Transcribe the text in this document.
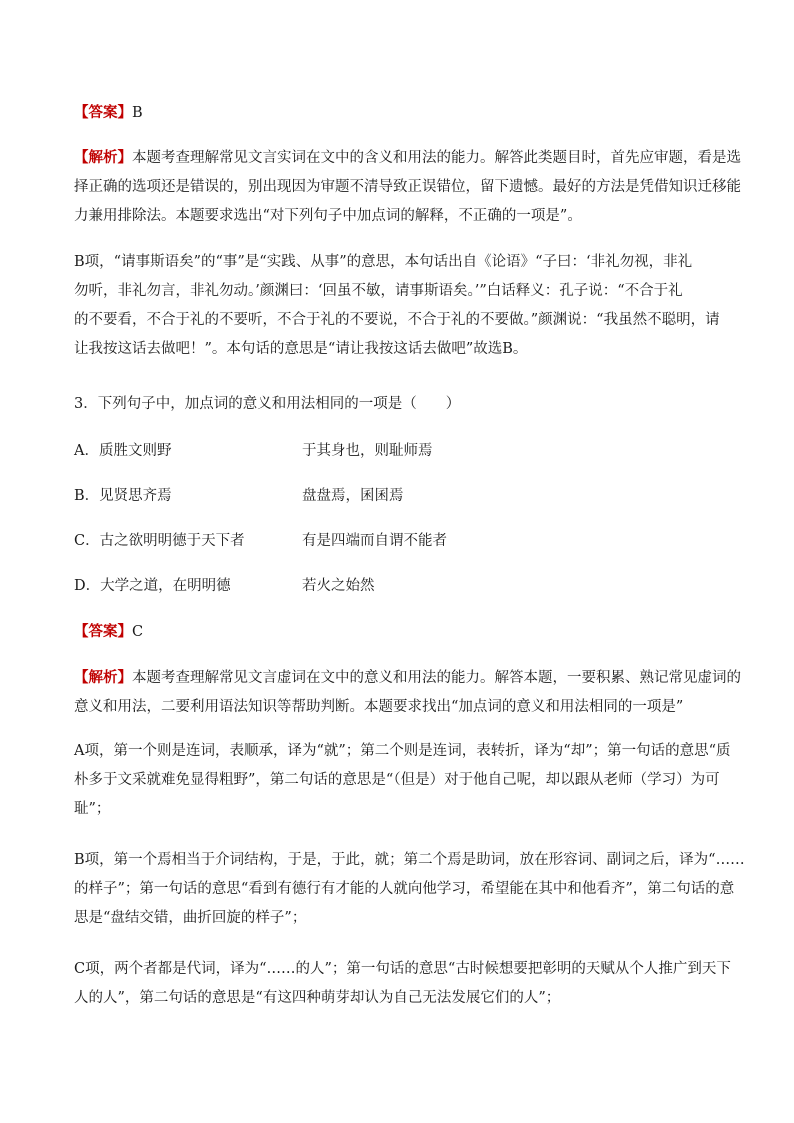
【答案】B

【解析】本题考查理解常见文言实词在文中的含义和用法的能力。解答此类题目时，首先应审题，看是选
择正确的选项还是错误的，别出现因为审题不清导致正误错位，留下遗憾。最好的方法是凭借知识迁移能
力兼用排除法。本题要求选出“对下列句子中加点词的解释，不正确的一项是”。

B项，“请事斯语矣”的“事”是“实践、从事”的意思，本句话出自《论语》“子曰：‘非礼勿视，非礼
勿听，非礼勿言，非礼勿动。’颜渊曰：‘回虽不敏，请事斯语矣。’”白话释义：孔子说：“不合于礼
的不要看，不合于礼的不要听，不合于礼的不要说，不合于礼的不要做。”颜渊说：“我虽然不聪明，请
让我按这话去做吧！”。本句话的意思是“请让我按这话去做吧”故选B。

3．下列句子中，加点词的意义和用法相同的一项是（　　）

A．质胜文则野	于其身也，则耻师焉
B．见贤思齐焉	盘盘焉，囷囷焉
C．古之欲明明德于天下者	有是四端而自谓不能者
D．大学之道，在明明德	若火之始然

【答案】C

【解析】本题考查理解常见文言虚词在文中的意义和用法的能力。解答本题，一要积累、熟记常见虚词的
意义和用法，二要利用语法知识等帮助判断。本题要求找出“加点词的意义和用法相同的一项是”

A项，第一个则是连词，表顺承，译为“就”；第二个则是连词，表转折，译为“却”；第一句话的意思“质
朴多于文采就难免显得粗野”，第二句话的意思是“（但是）对于他自己呢，却以跟从老师（学习）为可
耻”；

B项，第一个焉相当于介词结构，于是，于此，就；第二个焉是助词，放在形容词、副词之后，译为“……
的样子”；第一句话的意思“看到有德行有才能的人就向他学习，希望能在其中和他看齐”，第二句话的意
思是“盘结交错，曲折回旋的样子”；

C项，两个者都是代词，译为“……的人”；第一句话的意思“古时候想要把彰明的天赋从个人推广到天下
人的人”，第二句话的意思是“有这四种萌芽却认为自己无法发展它们的人”；
